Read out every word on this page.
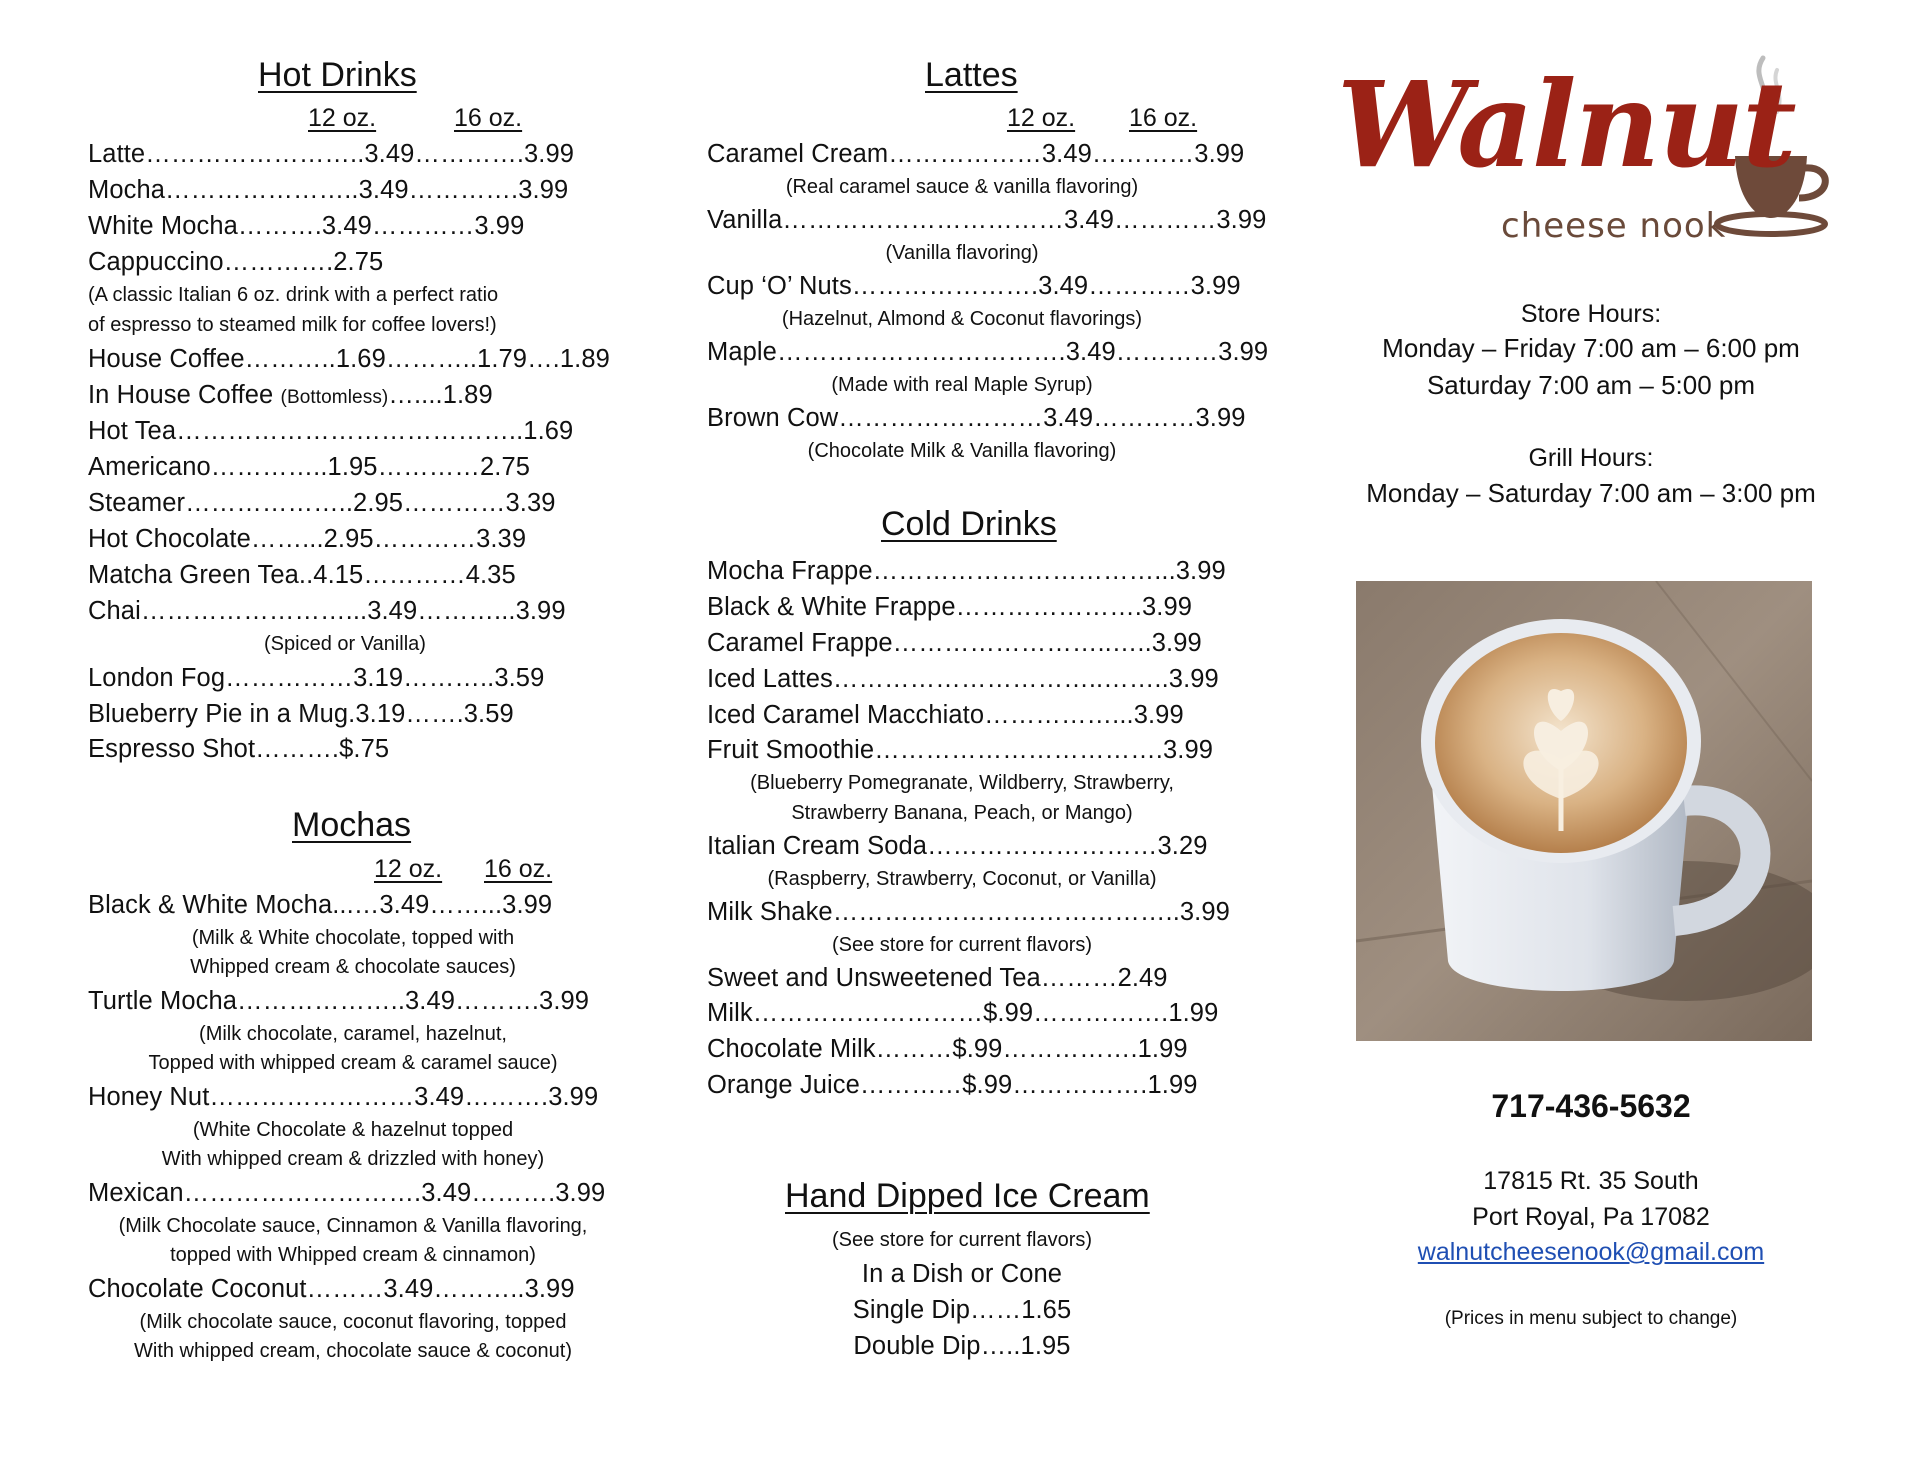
Hot Drinks
12 oz.	16 oz.
Latte……………………..3.49………….3.99
Mocha…………………..3.49………….3.99
White Mocha……….3.49…………3.99
Cappuccino………….2.75
(A classic Italian 6 oz. drink with a perfect ratio
of espresso to steamed milk for coffee lovers!)
House Coffee………..1.69………..1.79….1.89
In House Coffee (Bottomless)…....1.89
Hot Tea…………………………………..1.69
Americano…………..1.95…………2.75
Steamer………………..2.95…………3.39
Hot Chocolate……...2.95…………3.39
Matcha Green Tea..4.15…………4.35
Chai……………………...3.49………...3.99
(Spiced or Vanilla)
London Fog……………3.19………..3.59
Blueberry Pie in a Mug.3.19…….3.59
Espresso Shot……….$.75
Mochas
12 oz. 16 oz.
Black & White Mocha...…3.49……...3.99
(Milk & White chocolate, topped with
Whipped cream & chocolate sauces)
Turtle Mocha………………..3.49……….3.99
(Milk chocolate, caramel, hazelnut,
Topped with whipped cream & caramel sauce)
Honey Nut……………………3.49……….3.99
(White Chocolate & hazelnut topped
With whipped cream & drizzled with honey)
Mexican……………………….3.49……….3.99
(Milk Chocolate sauce, Cinnamon & Vanilla flavoring,
topped with Whipped cream & cinnamon)
Chocolate Coconut………3.49………..3.99
(Milk chocolate sauce, coconut flavoring, topped
With whipped cream, chocolate sauce & coconut)
Lattes
12 oz. 16 oz.
Caramel Cream………………3.49…………3.99
(Real caramel sauce & vanilla flavoring)
Vanilla……………………………3.49…………3.99
(Vanilla flavoring)
Cup ‘O’ Nuts………………….3.49…………3.99
(Hazelnut, Almond & Coconut flavorings)
Maple…………………………….3.49…………3.99
(Made with real Maple Syrup)
Brown Cow……………………3.49…………3.99
(Chocolate Milk & Vanilla flavoring)
Cold Drinks
Mocha Frappe……………………………...3.99
Black & White Frappe………………….3.99
Caramel Frappe……………………..…..3.99
Iced Lattes…………………………..……..3.99
Iced Caramel Macchiato……………...3.99
Fruit Smoothie…………………………….3.99
(Blueberry Pomegranate, Wildberry, Strawberry,
Strawberry Banana, Peach, or Mango)
Italian Cream Soda………………………3.29
(Raspberry, Strawberry, Coconut, or Vanilla)
Milk Shake…………………………………..3.99
(See store for current flavors)
Sweet and Unsweetened Tea………2.49
Milk………………………$.99…………….1.99
Chocolate Milk………$.99…………….1.99
Orange Juice…………$.99…………….1.99
Hand Dipped Ice Cream
(See store for current flavors)
In a Dish or Cone
Single Dip……1.65
Double Dip…..1.95
Walnut
cheese nook
Store Hours:
Monday – Friday 7:00 am – 6:00 pm
Saturday 7:00 am – 5:00 pm
Grill Hours:
Monday – Saturday 7:00 am – 3:00 pm
717-436-5632
17815 Rt. 35 South
Port Royal, Pa 17082
walnutcheesenook@gmail.com
(Prices in menu subject to change)
